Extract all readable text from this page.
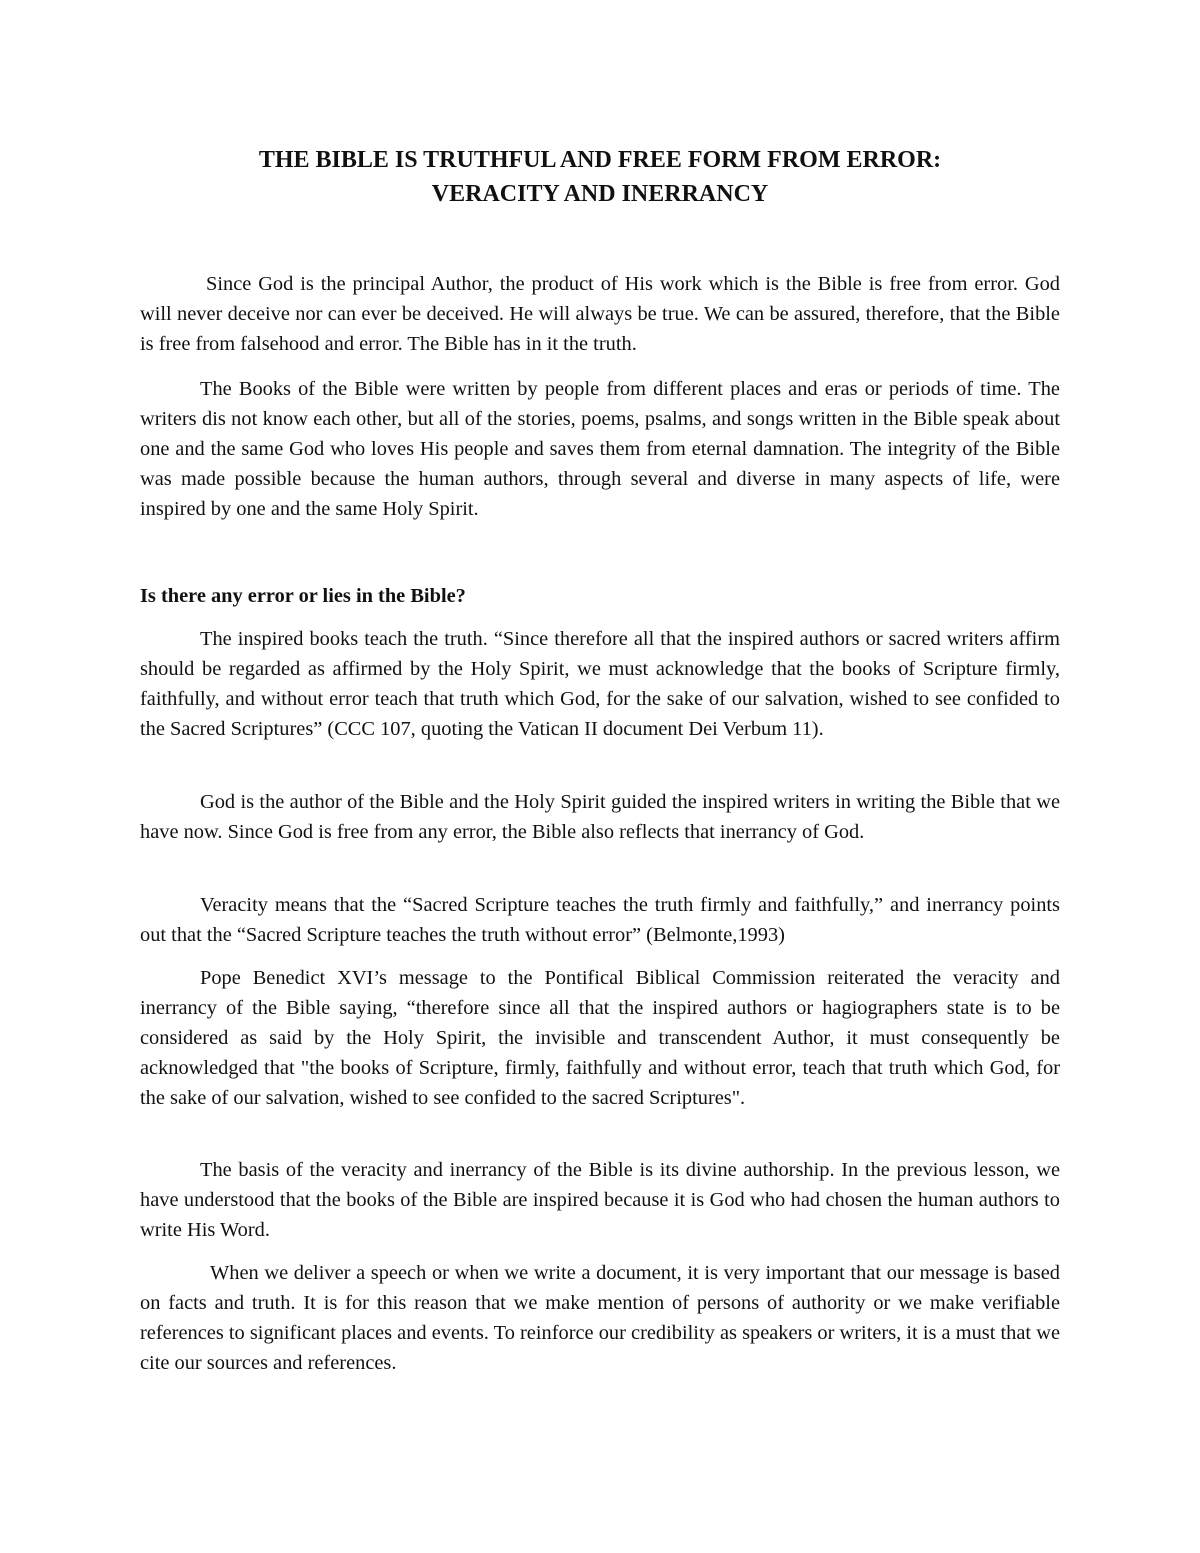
THE BIBLE IS TRUTHFUL AND FREE FORM FROM ERROR:
VERACITY AND INERRANCY

Since God is the principal Author, the product of His work which is the Bible is free from error. God will never deceive nor can ever be deceived. He will always be true. We can be assured, therefore, that the Bible is free from falsehood and error. The Bible has in it the truth.

The Books of the Bible were written by people from different places and eras or periods of time. The writers dis not know each other, but all of the stories, poems, psalms, and songs written in the Bible speak about one and the same God who loves His people and saves them from eternal damnation. The integrity of the Bible was made possible because the human authors, through several and diverse in many aspects of life, were inspired by one and the same Holy Spirit.

Is there any error or lies in the Bible?

The inspired books teach the truth. “Since therefore all that the inspired authors or sacred writers affirm should be regarded as affirmed by the Holy Spirit, we must acknowledge that the books of Scripture firmly, faithfully, and without error teach that truth which God, for the sake of our salvation, wished to see confided to the Sacred Scriptures” (CCC 107, quoting the Vatican II document Dei Verbum 11).

God is the author of the Bible and the Holy Spirit guided the inspired writers in writing the Bible that we have now. Since God is free from any error, the Bible also reflects that inerrancy of God.

Veracity means that the “Sacred Scripture teaches the truth firmly and faithfully,” and inerrancy points out that the “Sacred Scripture teaches the truth without error” (Belmonte,1993)

Pope Benedict XVI’s message to the Pontifical Biblical Commission reiterated the veracity and inerrancy of the Bible saying, “therefore since all that the inspired authors or hagiographers state is to be considered as said by the Holy Spirit, the invisible and transcendent Author, it must consequently be acknowledged that "the books of Scripture, firmly, faithfully and without error, teach that truth which God, for the sake of our salvation, wished to see confided to the sacred Scriptures".

The basis of the veracity and inerrancy of the Bible is its divine authorship. In the previous lesson, we have understood that the books of the Bible are inspired because it is God who had chosen the human authors to write His Word.

When we deliver a speech or when we write a document, it is very important that our message is based on facts and truth. It is for this reason that we make mention of persons of authority or we make verifiable references to significant places and events. To reinforce our credibility as speakers or writers, it is a must that we cite our sources and references.
